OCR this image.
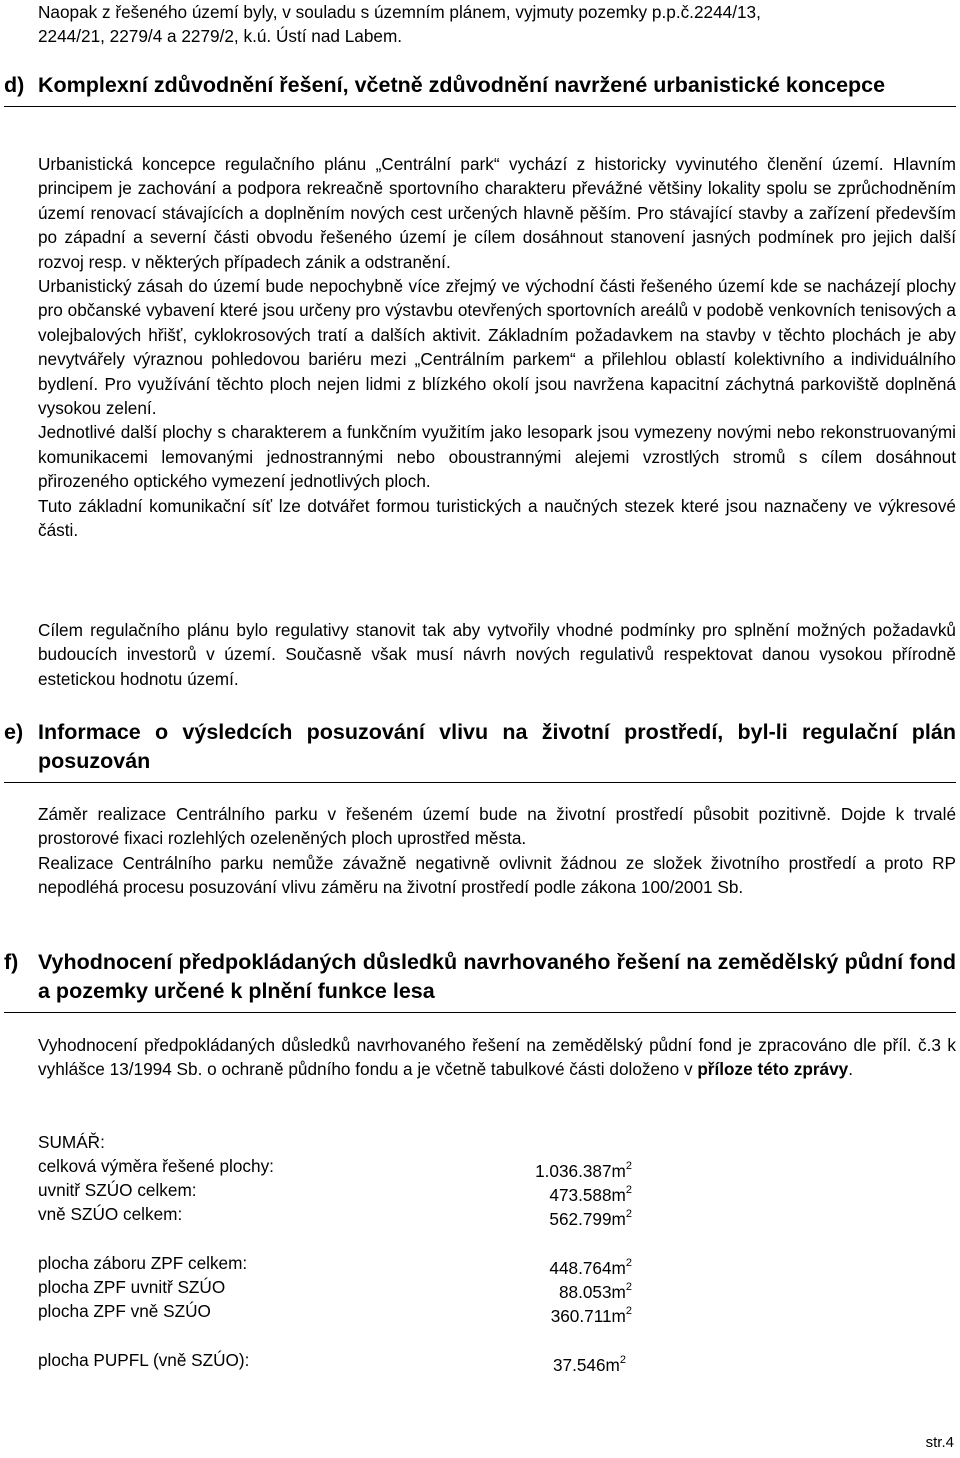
Naopak z řešeného území byly, v souladu s územním plánem, vyjmuty pozemky p.p.č.2244/13,
2244/21, 2279/4 a 2279/2, k.ú. Ústí nad Labem.
d) Komplexní zdůvodnění řešení, včetně zdůvodnění navržené urbanistické koncepce

Urbanistická koncepce regulačního plánu „Centrální park“ vychází z historicky vyvinutého členění území. Hlavním principem je zachování a podpora rekreačně sportovního charakteru převážné většiny lokality spolu se zprůchodněním území renovací stávajících a doplněním nových cest určených hlavně pěším. Pro stávající stavby a zařízení především po západní a severní části obvodu řešeného území je cílem dosáhnout stanovení jasných podmínek pro jejich další rozvoj resp. v některých případech zánik a odstranění.

Urbanistický zásah do území bude nepochybně více zřejmý ve východní části řešeného území kde se nacházejí plochy pro občanské vybavení které jsou určeny pro výstavbu otevřených sportovních areálů v podobě venkovních tenisových a volejbalových hřišť, cyklokrosových tratí a dalších aktivit. Základním požadavkem na stavby v těchto plochách je aby nevytvářely výraznou pohledovou bariéru mezi „Centrálním parkem“ a přilehlou oblastí kolektivního a individuálního bydlení. Pro využívání těchto ploch nejen lidmi z blízkého okolí jsou navržena kapacitní záchytná parkoviště doplněná vysokou zelení.

Jednotlivé další plochy s charakterem a funkčním využitím jako lesopark jsou vymezeny novými nebo rekonstruovanými komunikacemi lemovanými jednostrannými nebo oboustrannými alejemi vzrostlých stromů s cílem dosáhnout přirozeného optického vymezení jednotlivých ploch.

Tuto základní komunikační síť lze dotvářet formou turistických a naučných stezek které jsou naznačeny ve výkresové části.

Cílem regulačního plánu bylo regulativy stanovit tak aby vytvořily vhodné podmínky pro splnění možných požadavků budoucích investorů v území. Současně však musí návrh nových regulativů respektovat danou vysokou přírodně estetickou hodnotu území.

e) Informace o výsledcích posuzování vlivu na životní prostředí, byl-li regulační plán posuzován

Záměr realizace Centrálního parku v řešeném území bude na životní prostředí působit pozitivně. Dojde k trvalé prostorové fixaci rozlehlých ozeleněných ploch uprostřed města.

Realizace Centrálního parku nemůže závažně negativně ovlivnit žádnou ze složek životního prostředí a proto RP nepodléhá procesu posuzování vlivu záměru na životní prostředí podle zákona 100/2001 Sb.

f) Vyhodnocení předpokládaných důsledků navrhovaného řešení na zemědělský půdní fond a pozemky určené k plnění funkce lesa

Vyhodnocení předpokládaných důsledků navrhovaného řešení na zemědělský půdní fond je zpracováno dle příl. č.3 k vyhlášce 13/1994 Sb. o ochraně půdního fondu a je včetně tabulkové části doloženo v příloze této zprávy.

SUMÁŘ:
celková výměra řešené plochy:	$1.036.387m^2$
uvnitř SZÚO celkem:	$473.588m^2$
vně SZÚO celkem:	$562.799m^2$
plocha záboru ZPF celkem:	$448.764m^2$
plocha ZPF uvnitř SZÚO	$88.053m^2$
plocha ZPF vně SZÚO	$360.711m^2$
plocha PUPFL (vně SZÚO):	$37.546m^2$
str.4
